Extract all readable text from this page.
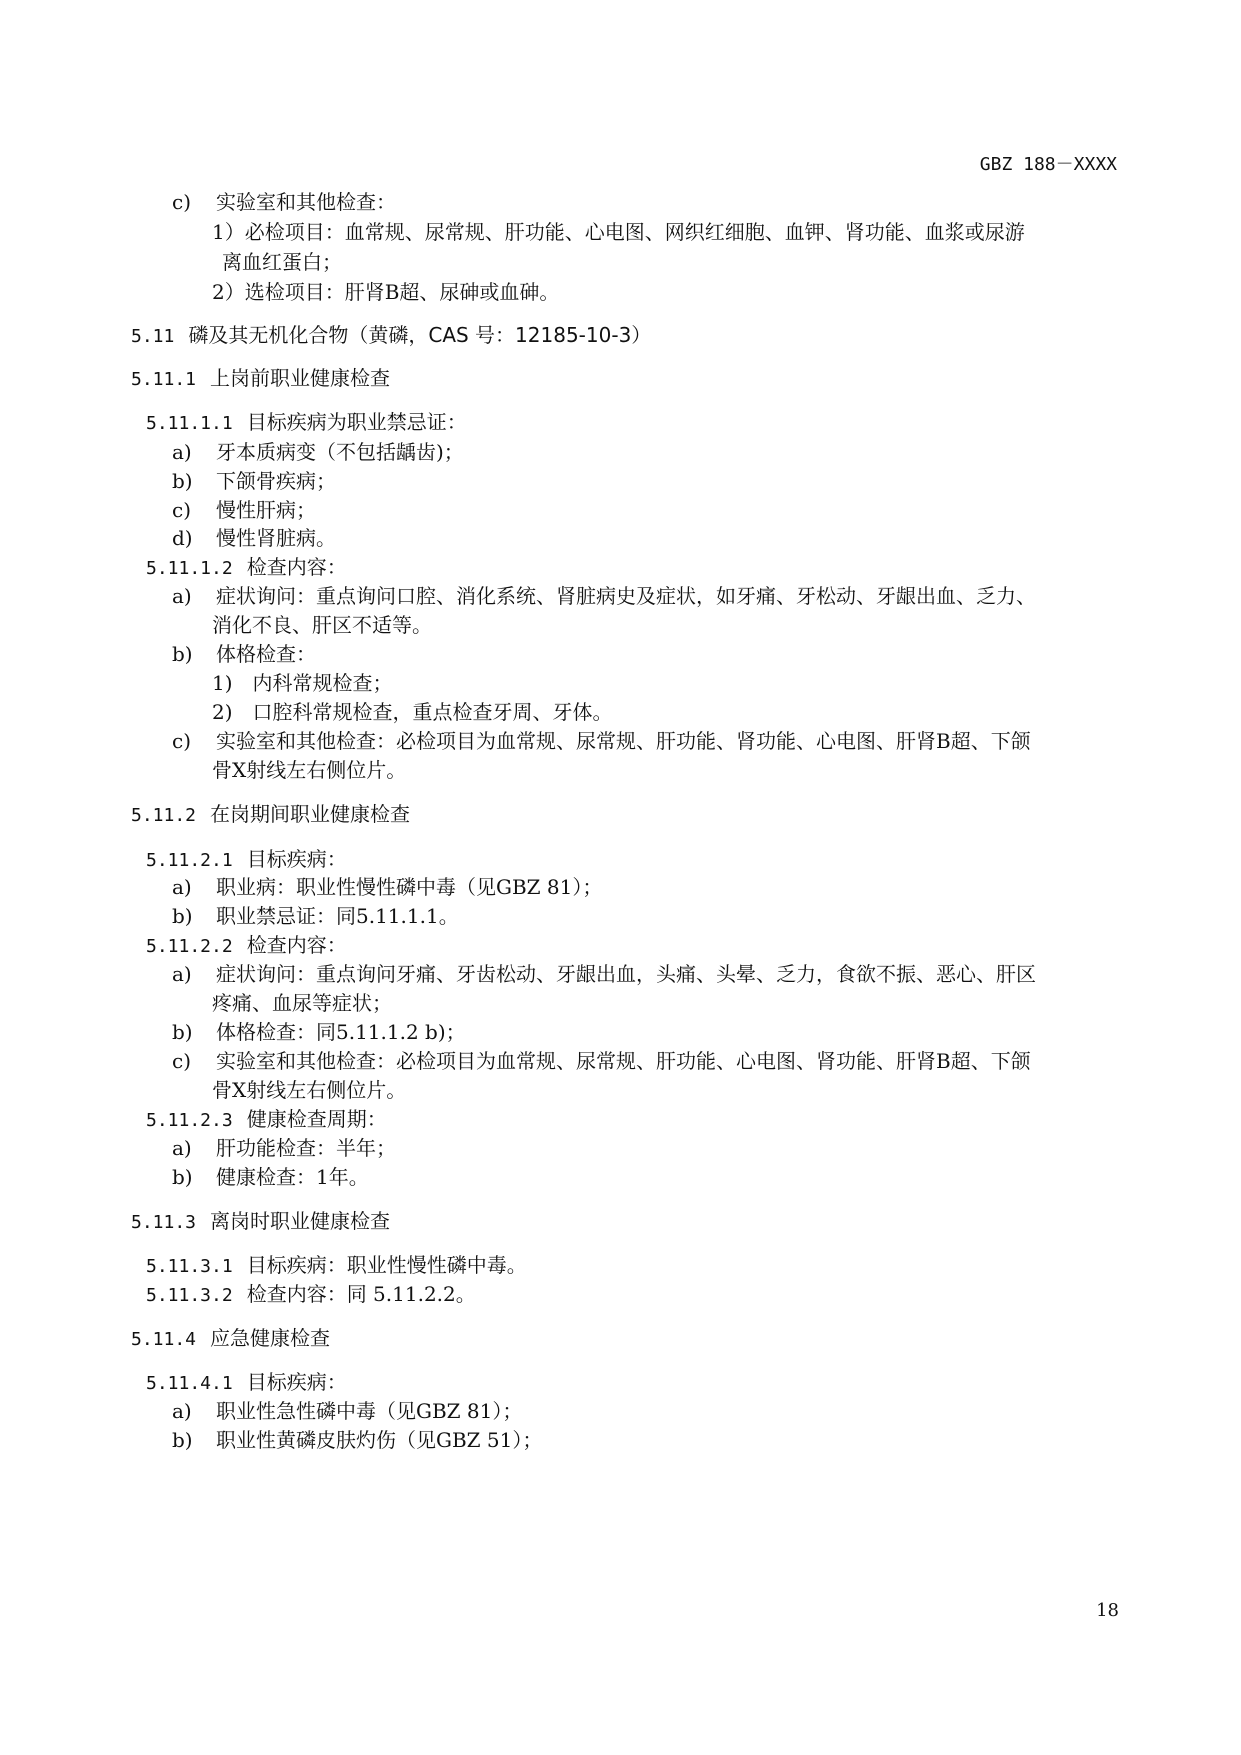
GBZ 188－XXXX
c) 实验室和其他检查：
1）必检项目：血常规、尿常规、肝功能、心电图、网织红细胞、血钾、肾功能、血浆或尿游
离血红蛋白；
2）选检项目：肝肾B超、尿砷或血砷。
5.11 磷及其无机化合物（黄磷，CAS 号：12185-10-3）
5.11.1 上岗前职业健康检查
5.11.1.1 目标疾病为职业禁忌证：
a) 牙本质病变（不包括龋齿)；
b) 下颌骨疾病；
c) 慢性肝病；
d) 慢性肾脏病。
5.11.1.2 检查内容：
a) 症状询问：重点询问口腔、消化系统、肾脏病史及症状，如牙痛、牙松动、牙龈出血、乏力、
消化不良、肝区不适等。
b) 体格检查：
1)　内科常规检查；
2)　口腔科常规检查，重点检查牙周、牙体。
c) 实验室和其他检查：必检项目为血常规、尿常规、肝功能、肾功能、心电图、肝肾B超、下颌
骨X射线左右侧位片。
5.11.2 在岗期间职业健康检查
5.11.2.1 目标疾病：
a) 职业病：职业性慢性磷中毒（见GBZ 81）；
b) 职业禁忌证：同5.11.1.1。
5.11.2.2 检查内容：
a) 症状询问：重点询问牙痛、牙齿松动、牙龈出血，头痛、头晕、乏力，食欲不振、恶心、肝区
疼痛、血尿等症状；
b) 体格检查：同5.11.1.2 b)；
c) 实验室和其他检查：必检项目为血常规、尿常规、肝功能、心电图、肾功能、肝肾B超、下颌
骨X射线左右侧位片。
5.11.2.3 健康检查周期：
a) 肝功能检查：半年；
b) 健康检查：1年。
5.11.3 离岗时职业健康检查
5.11.3.1 目标疾病：职业性慢性磷中毒。
5.11.3.2 检查内容：同 5.11.2.2。
5.11.4 应急健康检查
5.11.4.1 目标疾病：
a) 职业性急性磷中毒（见GBZ 81）；
b) 职业性黄磷皮肤灼伤（见GBZ 51）；
18
